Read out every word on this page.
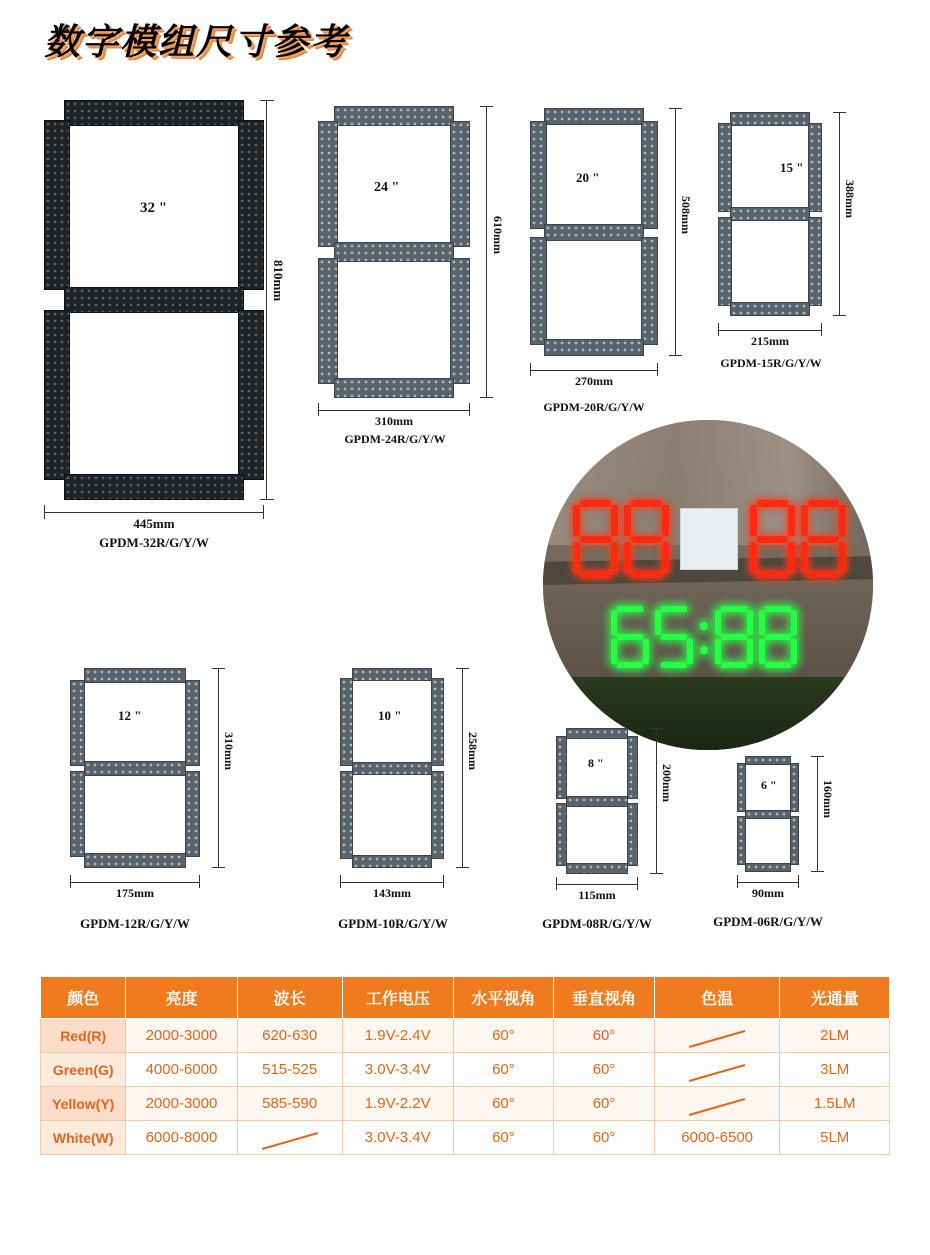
数字模组尺寸参考
32 "
810mm
445mm
GPDM-32R/G/Y/W
24 "
610mm
310mm
GPDM-24R/G/Y/W
20 "
508mm
270mm
GPDM-20R/G/Y/W
15 "
388mm
215mm
GPDM-15R/G/Y/W
12 "
310mm
175mm
GPDM-12R/G/Y/W
10 "
258mm
143mm
GPDM-10R/G/Y/W
8 "
200mm
115mm
GPDM-08R/G/Y/W
6 "	160mm
90mm
GPDM-06R/G/Y/W
颜色	亮度	波长	工作电压	水平视角	垂直视角	色温	光通量
Red(R)	2000-3000	620-630	1.9V-2.4V	60°	60°		2LM
Green(G)	4000-6000	515-525	3.0V-3.4V	60°	60°		3LM
Yellow(Y)	2000-3000	585-590	1.9V-2.2V	60°	60°		1.5LM
White(W)	6000-8000		3.0V-3.4V	60°	60°	6000-6500	5LM
